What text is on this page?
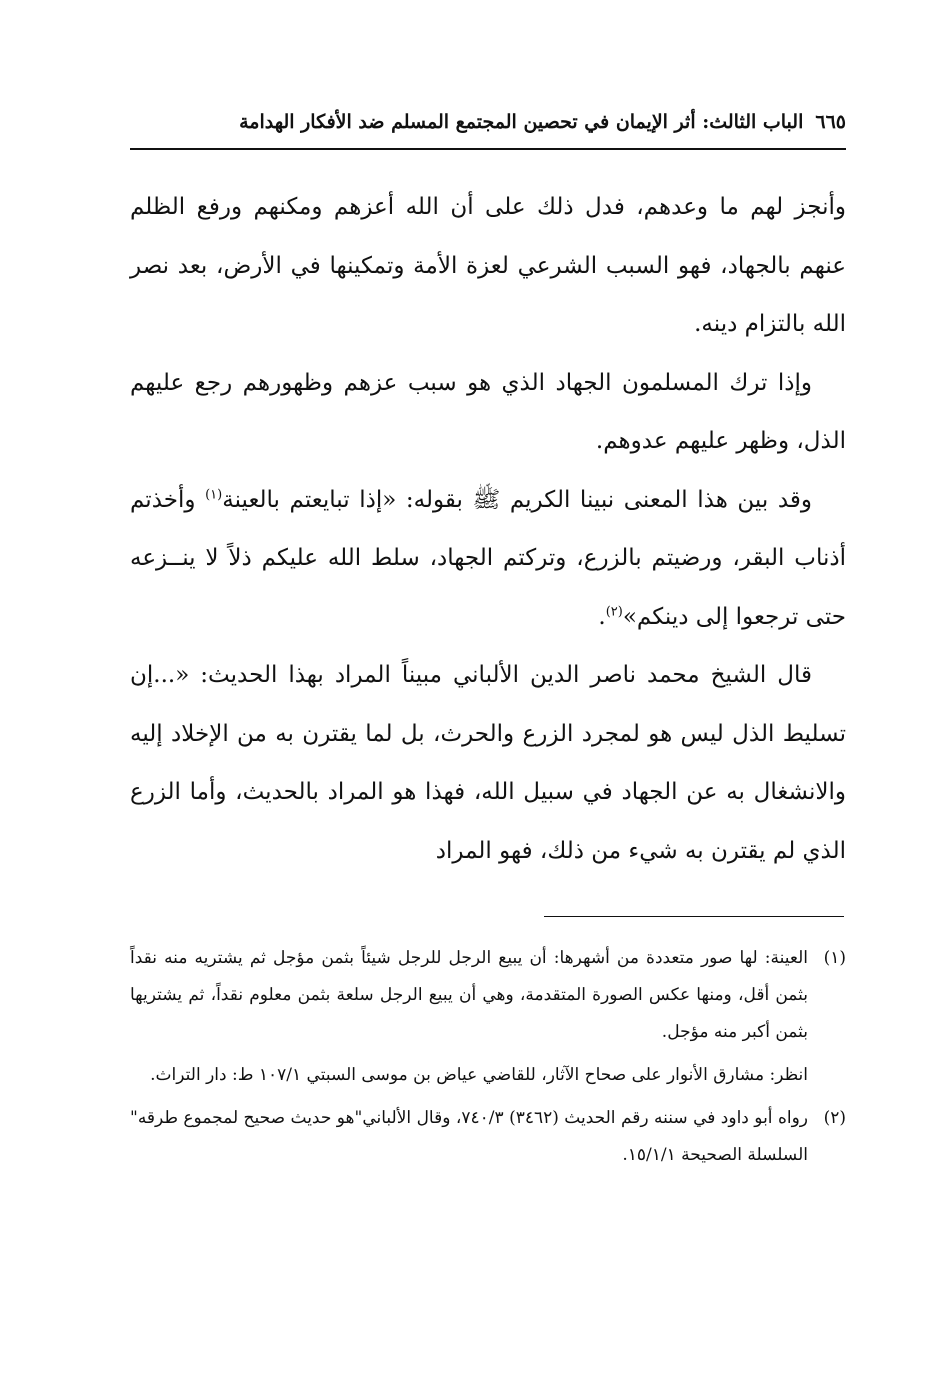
٦٦٥
الباب الثالث: أثر الإيمان في تحصين المجتمع المسلم ضد الأفكار الهدامة

وأنجز لهم ما وعدهم، فدل ذلك على أن الله أعزهم ومكنهم ورفع الظلم عنهم بالجهاد، فهو السبب الشرعي لعزة الأمة وتمكينها في الأرض، بعد نصر الله بالتزام دينه.

وإذا ترك المسلمون الجهاد الذي هو سبب عزهم وظهورهم رجع عليهم الذل، وظهر عليهم عدوهم.

وقد بين هذا المعنى نبينا الكريم ﷺ بقوله: «إذا تبايعتم بالعينة$^{(١)}$ وأخذتم أذناب البقر، ورضيتم بالزرع، وتركتم الجهاد، سلط الله عليكم ذلاً لا ينــزعه حتى ترجعوا إلى دينكم»$^{(٢)}$.

قال الشيخ محمد ناصر الدين الألباني مبيناً المراد بهذا الحديث: «...إن تسليط الذل ليس هو لمجرد الزرع والحرث، بل لما يقترن به من الإخلاد إليه والانشغال به عن الجهاد في سبيل الله، فهذا هو المراد بالحديث، وأما الزرع الذي لم يقترن به شيء من ذلك، فهو المراد

(١)العينة: لها صور متعددة من أشهرها: أن يبيع الرجل للرجل شيئاً بثمن مؤجل ثم يشتريه منه نقداً بثمن أقل، ومنها عكس الصورة المتقدمة، وهي أن يبيع الرجل سلعة بثمن معلوم نقداً، ثم يشتريها بثمن أكبر منه مؤجل.

انظر: مشارق الأنوار على صحاح الآثار، للقاضي عياض بن موسى السبتي ١٠٧/١ ط: دار التراث.

(٢)رواه أبو داود في سننه رقم الحديث (٣٤٦٢) ٧٤٠/٣، وقال الألباني"هو حديث صحيح لمجموع طرقه" السلسلة الصحيحة ١٥/١/١.
